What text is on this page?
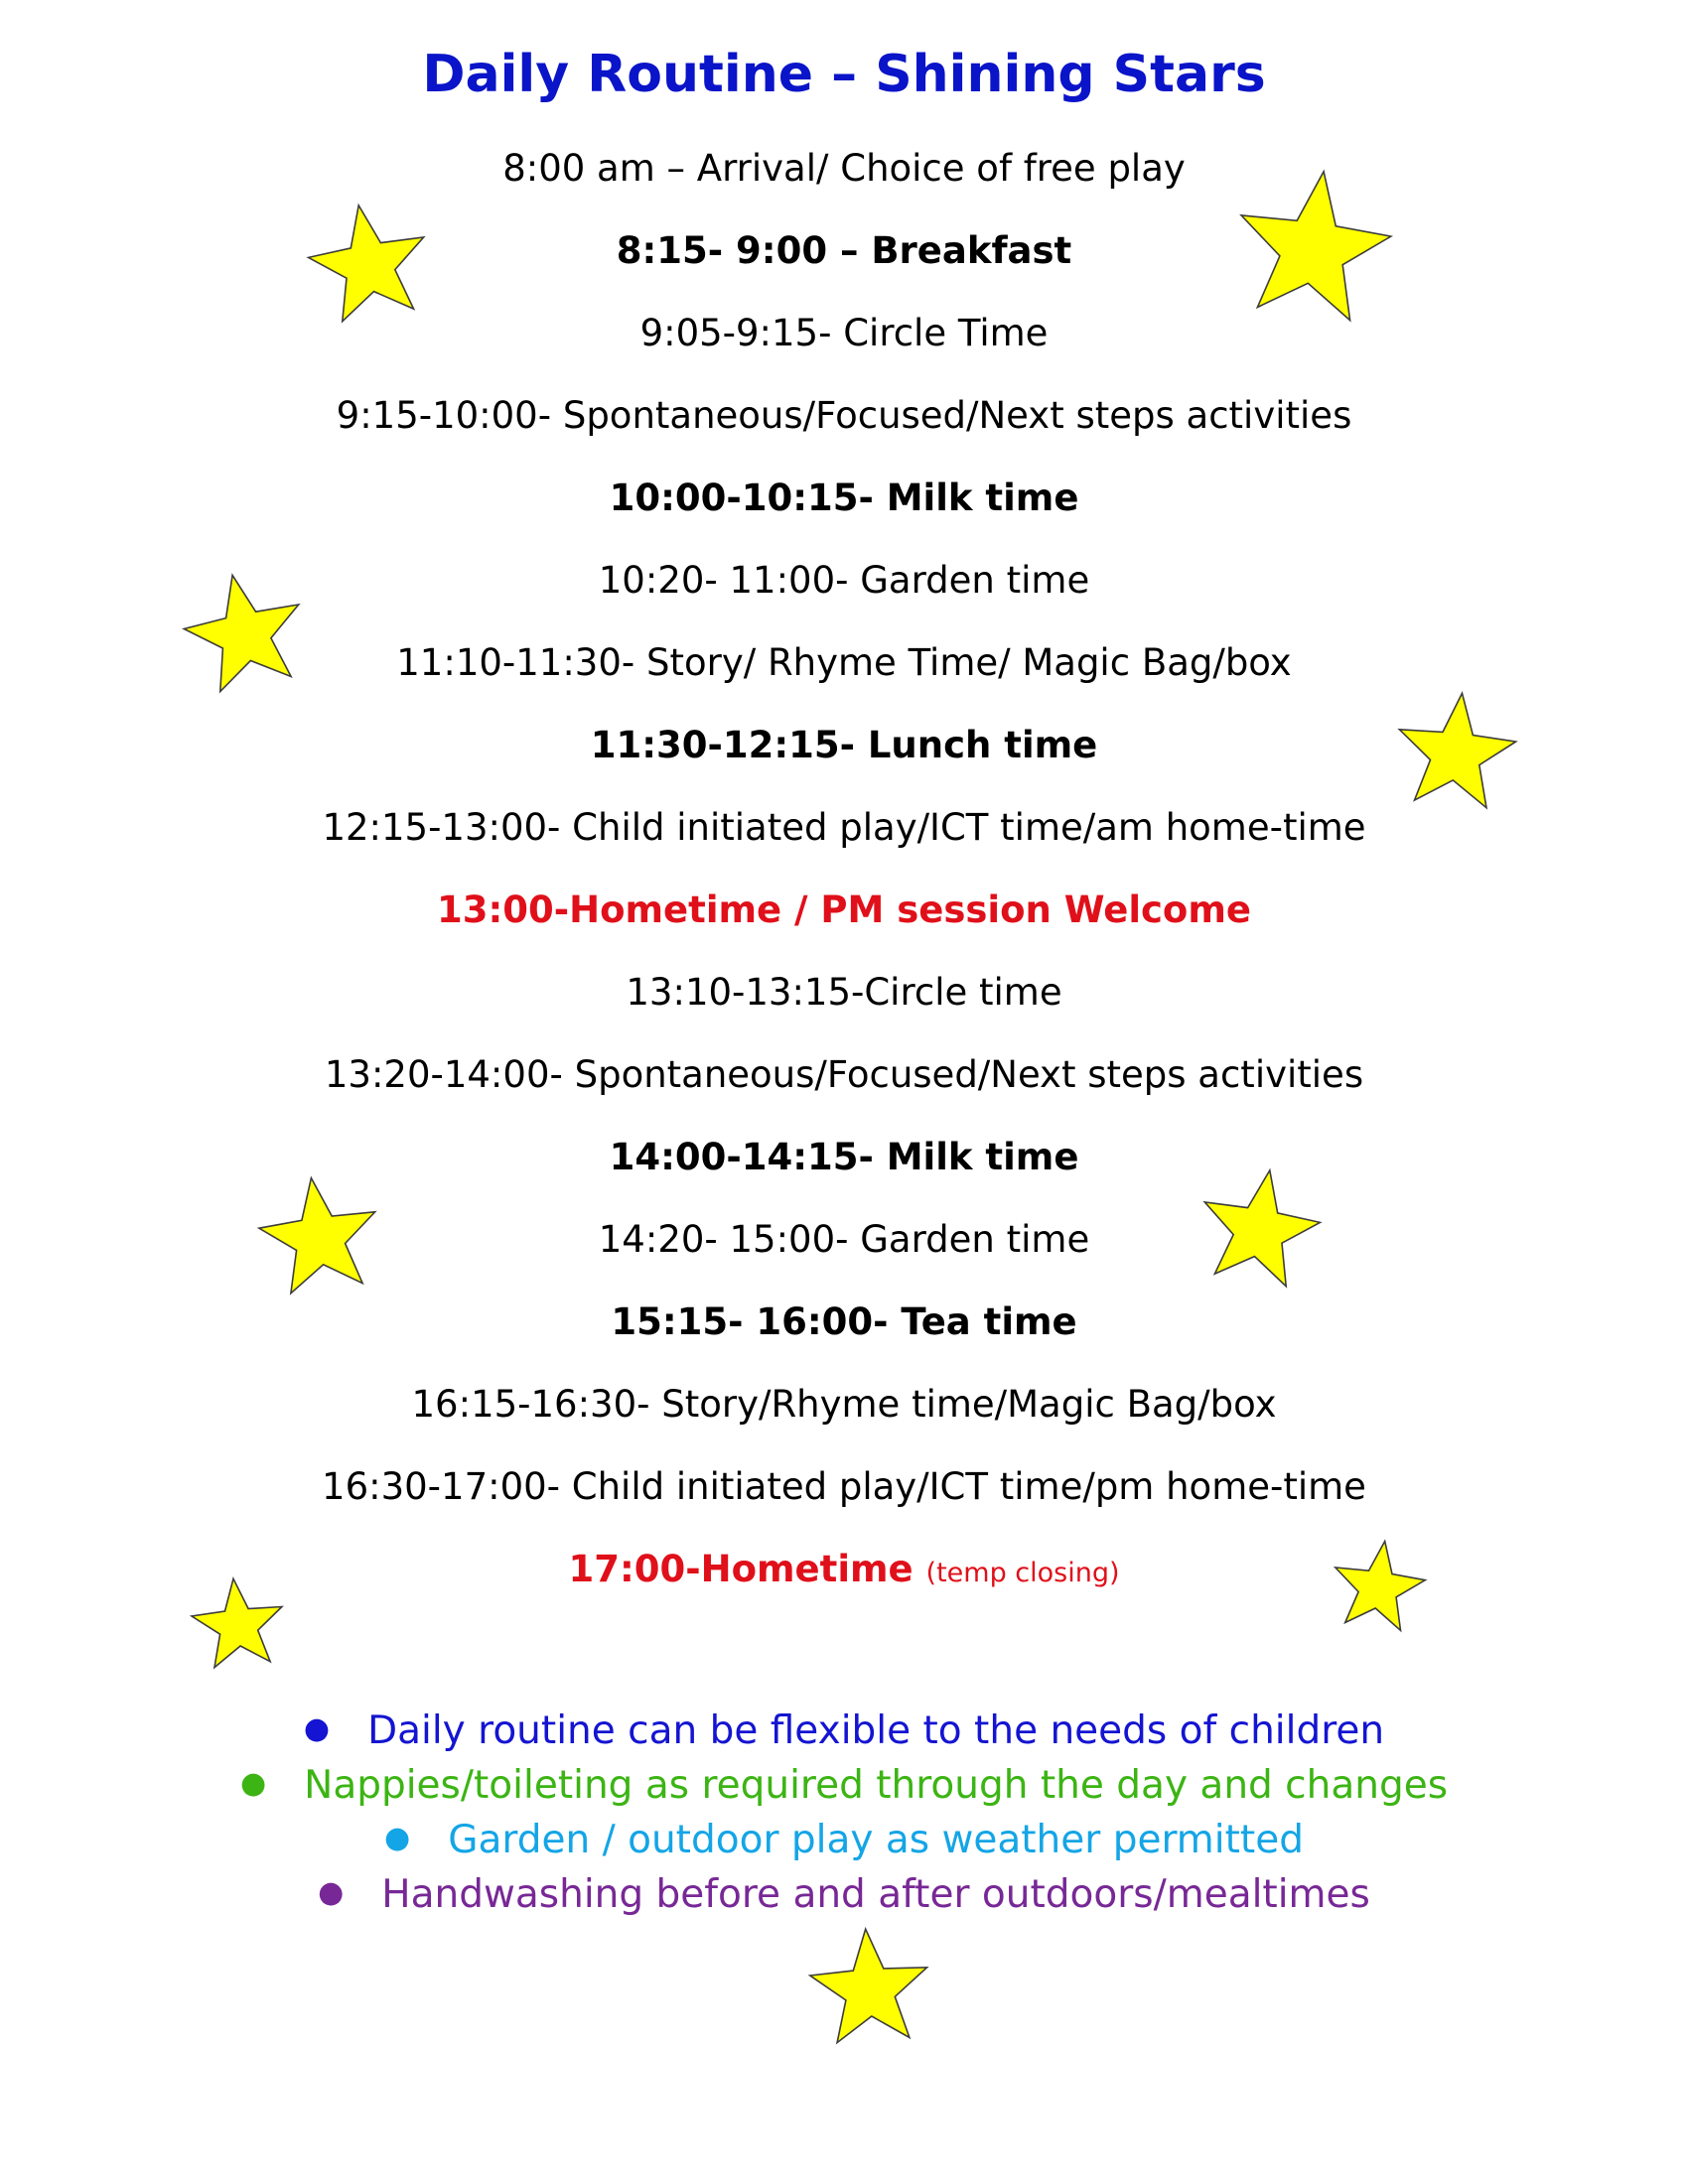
Daily Routine – Shining Stars
8:00 am – Arrival/ Choice of free play
8:15- 9:00 – Breakfast
9:05-9:15- Circle Time
9:15-10:00- Spontaneous/Focused/Next steps activities
10:00-10:15- Milk time
10:20- 11:00- Garden time
11:10-11:30- Story/ Rhyme Time/ Magic Bag/box
11:30-12:15- Lunch time
12:15-13:00- Child initiated play/ICT time/am home-time
13:00-Hometime / PM session Welcome
13:10-13:15-Circle time
13:20-14:00- Spontaneous/Focused/Next steps activities
14:00-14:15- Milk time
14:20- 15:00- Garden time
15:15- 16:00- Tea time
16:15-16:30- Story/Rhyme time/Magic Bag/box
16:30-17:00- Child initiated play/ICT time/pm home-time
17:00-Hometime (temp closing)
● Daily routine can be flexible to the needs of children
● Nappies/toileting as required through the day and changes
● Garden / outdoor play as weather permitted
● Handwashing before and after outdoors/mealtimes
